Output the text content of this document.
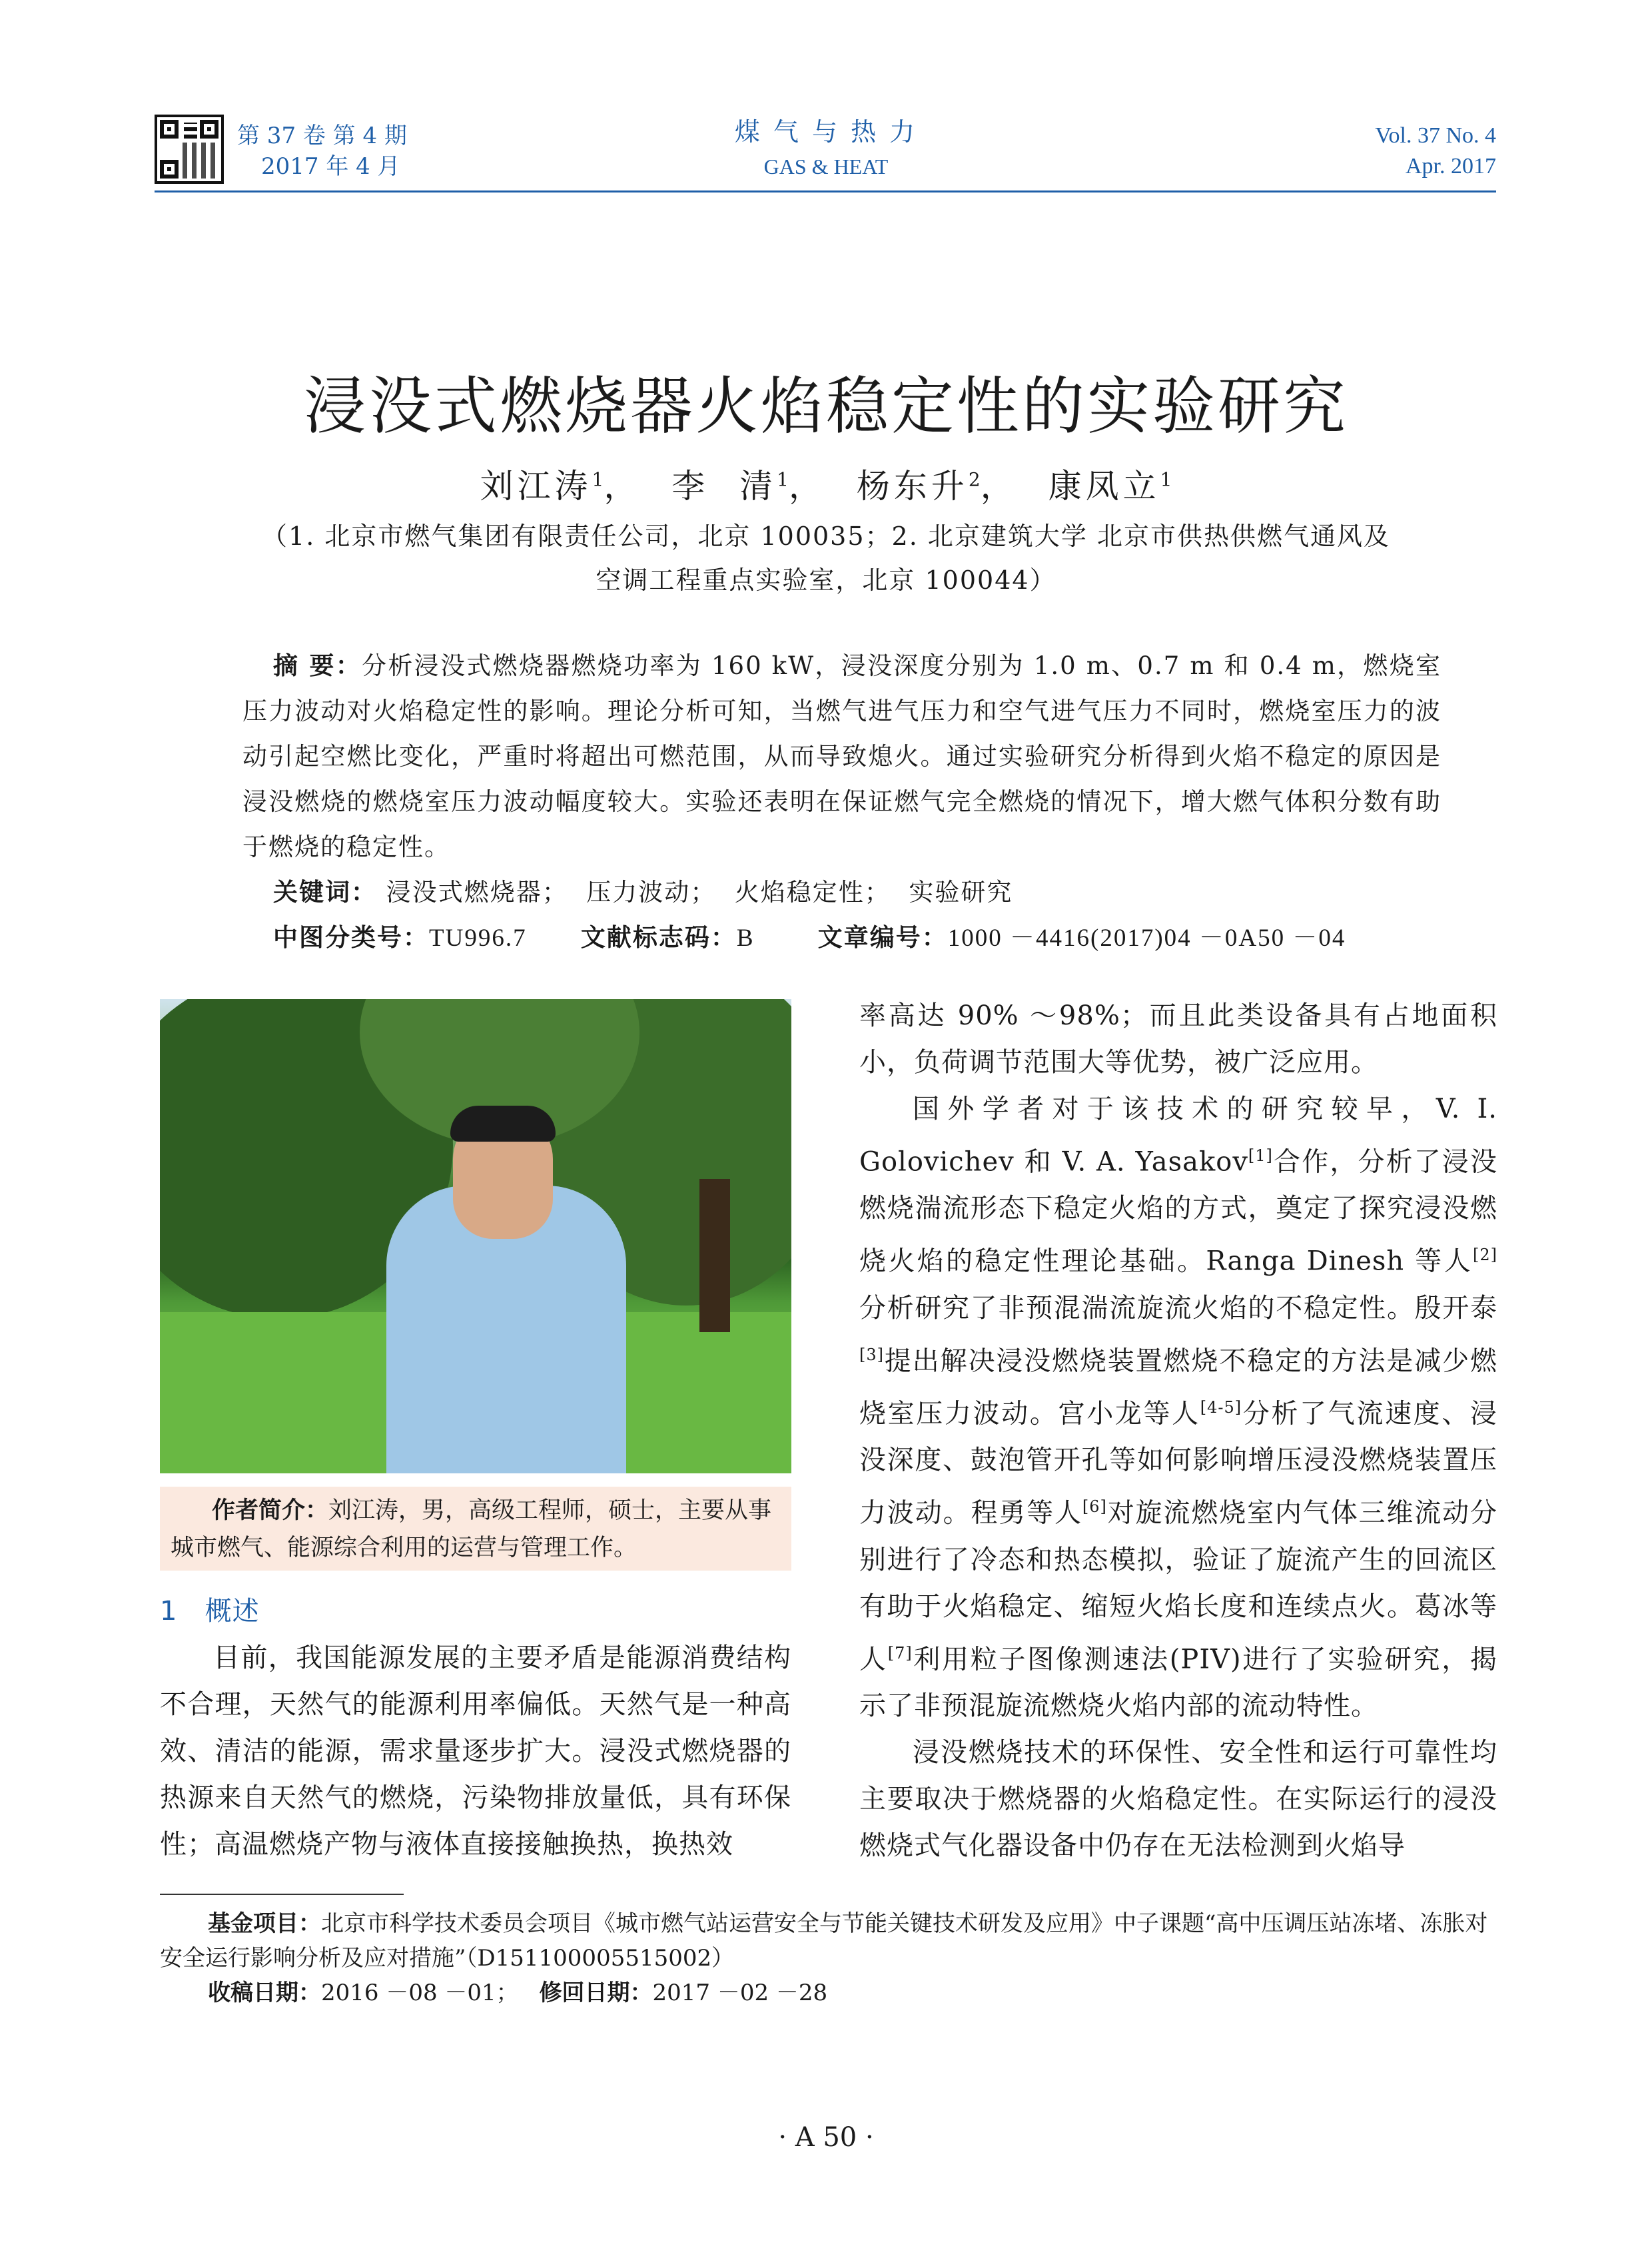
第 37 卷 第 4 期
2017 年 4 月
煤 气 与 热 力
GAS & HEAT
Vol. 37 No. 4
Apr. 2017
浸没式燃烧器火焰稳定性的实验研究
刘江涛$^1$， 李 清$^1$， 杨东升$^2$， 康凤立$^1$
（1. 北京市燃气集团有限责任公司，北京 100035；2. 北京建筑大学 北京市供热供燃气通风及
空调工程重点实验室，北京 100044）
摘 要：分析浸没式燃烧器燃烧功率为 160 kW，浸没深度分别为 1.0 m、0.7 m 和 0.4 m，燃烧室压力波动对火焰稳定性的影响。理论分析可知，当燃气进气压力和空气进气压力不同时，燃烧室压力的波动引起空燃比变化，严重时将超出可燃范围，从而导致熄火。通过实验研究分析得到火焰不稳定的原因是浸没燃烧的燃烧室压力波动幅度较大。实验还表明在保证燃气完全燃烧的情况下，增大燃气体积分数有助于燃烧的稳定性。
关键词： 浸没式燃烧器；  压力波动；  火焰稳定性；  实验研究
中图分类号：TU996.7 文献标志码：B	文章编号：1000 －4416(2017)04 －0A50 －04
作者简介：刘江涛，男，高级工程师，硕士，主要从事城市燃气、能源综合利用的运营与管理工作。
1   概述

目前，我国能源发展的主要矛盾是能源消费结构不合理，天然气的能源利用率偏低。天然气是一种高效、清洁的能源，需求量逐步扩大。浸没式燃烧器的热源来自天然气的燃烧，污染物排放量低，具有环保性；高温燃烧产物与液体直接接触换热，换热效

率高达 90% ～98%；而且此类设备具有占地面积小，负荷调节范围大等优势，被广泛应用。

国外学者对于该技术的研究较早，V. I. Golovichev 和 V. A. Yasakov[1]合作，分析了浸没燃烧湍流形态下稳定火焰的方式，奠定了探究浸没燃烧火焰的稳定性理论基础。Ranga Dinesh 等人[2]分析研究了非预混湍流旋流火焰的不稳定性。殷开泰[3]提出解决浸没燃烧装置燃烧不稳定的方法是减少燃烧室压力波动。宫小龙等人[4-5]分析了气流速度、浸没深度、鼓泡管开孔等如何影响增压浸没燃烧装置压力波动。程勇等人[6]对旋流燃烧室内气体三维流动分别进行了冷态和热态模拟，验证了旋流产生的回流区有助于火焰稳定、缩短火焰长度和连续点火。葛冰等人[7]利用粒子图像测速法(PIV)进行了实验研究，揭示了非预混旋流燃烧火焰内部的流动特性。

浸没燃烧技术的环保性、安全性和运行可靠性均主要取决于燃烧器的火焰稳定性。在实际运行的浸没燃烧式气化器设备中仍存在无法检测到火焰导

基金项目：北京市科学技术委员会项目《城市燃气站运营安全与节能关键技术研发及应用》中子课题“高中压调压站冻堵、冻胀对安全运行影响分析及应对措施”（D151100005515002）
收稿日期：2016 －08 －01； 修回日期：2017 －02 －28
· A 50 ·
